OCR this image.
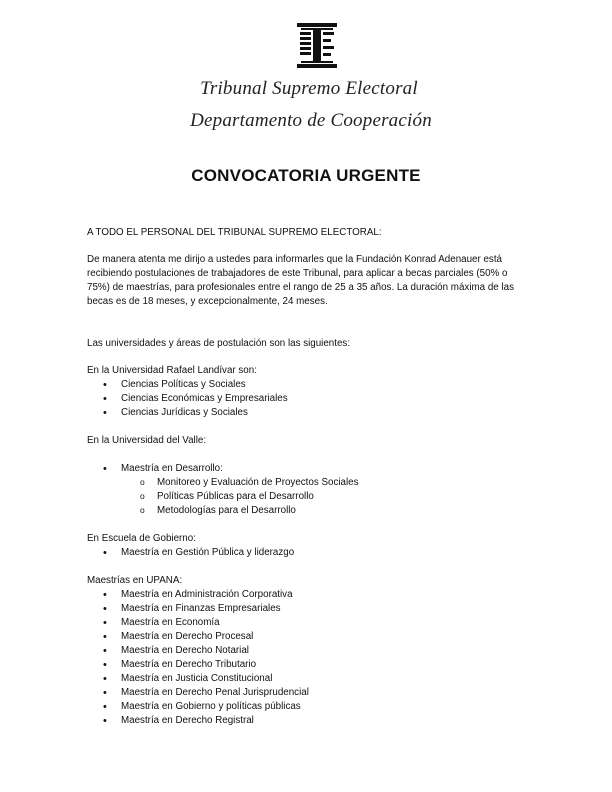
Tribunal Supremo Electoral
Departamento de Cooperación
CONVOCATORIA URGENTE

A TODO EL PERSONAL DEL TRIBUNAL SUPREMO ELECTORAL:

De manera atenta me dirijo a ustedes para informarles que la Fundación Konrad Adenauer está

recibiendo postulaciones de trabajadores de este Tribunal, para aplicar a becas parciales (50% o

75%) de maestrías, para profesionales entre el rango de 25 a 35 años. La duración máxima de las

becas es de 18 meses, y excepcionalmente, 24 meses.

Las universidades y áreas de postulación son las siguientes:

En la Universidad Rafael Landívar son:

• Ciencias Políticas y Sociales
• Ciencias Económicas y Empresariales
• Ciencias Jurídicas y Sociales

En la Universidad del Valle:

• Maestría en Desarrollo:
o Monitoreo y Evaluación de Proyectos Sociales
o Políticas Públicas para el Desarrollo
o Metodologías para el Desarrollo

En Escuela de Gobierno:

• Maestría en Gestión Pública y liderazgo

Maestrías en UPANA:

• Maestría en Administración Corporativa
• Maestría en Finanzas Empresariales
• Maestría en Economía
• Maestría en Derecho Procesal
• Maestría en Derecho Notarial
• Maestría en Derecho Tributario
• Maestría en Justicia Constitucional
• Maestría en Derecho Penal Jurisprudencial
• Maestría en Gobierno y políticas públicas
• Maestría en Derecho Registral
